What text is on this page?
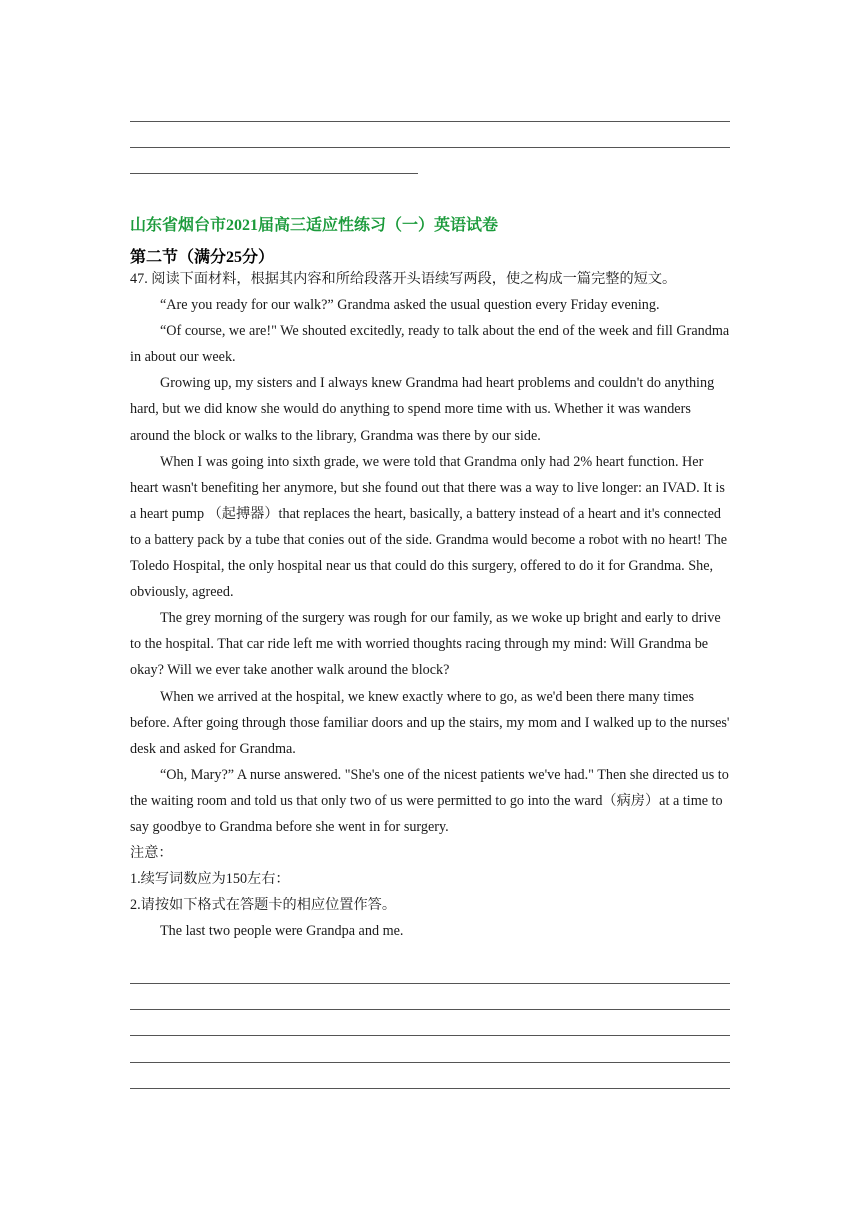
山东省烟台市2021届高三适应性练习（一）英语试卷
第二节（满分25分）

47. 阅读下面材料，根据其内容和所给段落开头语续写两段，使之构成一篇完整的短文。

“Are you ready for our walk?” Grandma asked the usual question every Friday evening.

“Of course, we are!" We shouted excitedly, ready to talk about the end of the week and fill Grandma in about our week.

Growing up, my sisters and I always knew Grandma had heart problems and couldn't do anything hard, but we did know she would do anything to spend more time with us. Whether it was wanders around the block or walks to the library, Grandma was there by our side.

When I was going into sixth grade, we were told that Grandma only had 2% heart function. Her heart wasn't benefiting her anymore, but she found out that there was a way to live longer: an IVAD. It is a heart pump （起搏器）that replaces the heart, basically, a battery instead of a heart and it's connected to a battery pack by a tube that conies out of the side. Grandma would become a robot with no heart! The Toledo Hospital, the only hospital near us that could do this surgery, offered to do it for Grandma. She, obviously, agreed.

The grey morning of the surgery was rough for our family, as we woke up bright and early to drive to the hospital. That car ride left me with worried thoughts racing through my mind: Will Grandma be okay? Will we ever take another walk around the block?

When we arrived at the hospital, we knew exactly where to go, as we'd been there many times before. After going through those familiar doors and up the stairs, my mom and I walked up to the nurses' desk and asked for Grandma.

“Oh, Mary?” A nurse answered. "She's one of the nicest patients we've had." Then she directed us to the waiting room and told us that only two of us were permitted to go into the ward（病房）at a time to say goodbye to Grandma before she went in for surgery.

注意：

1.续写词数应为150左右：

2.请按如下格式在答题卡的相应位置作答。

The last two people were Grandpa and me.
